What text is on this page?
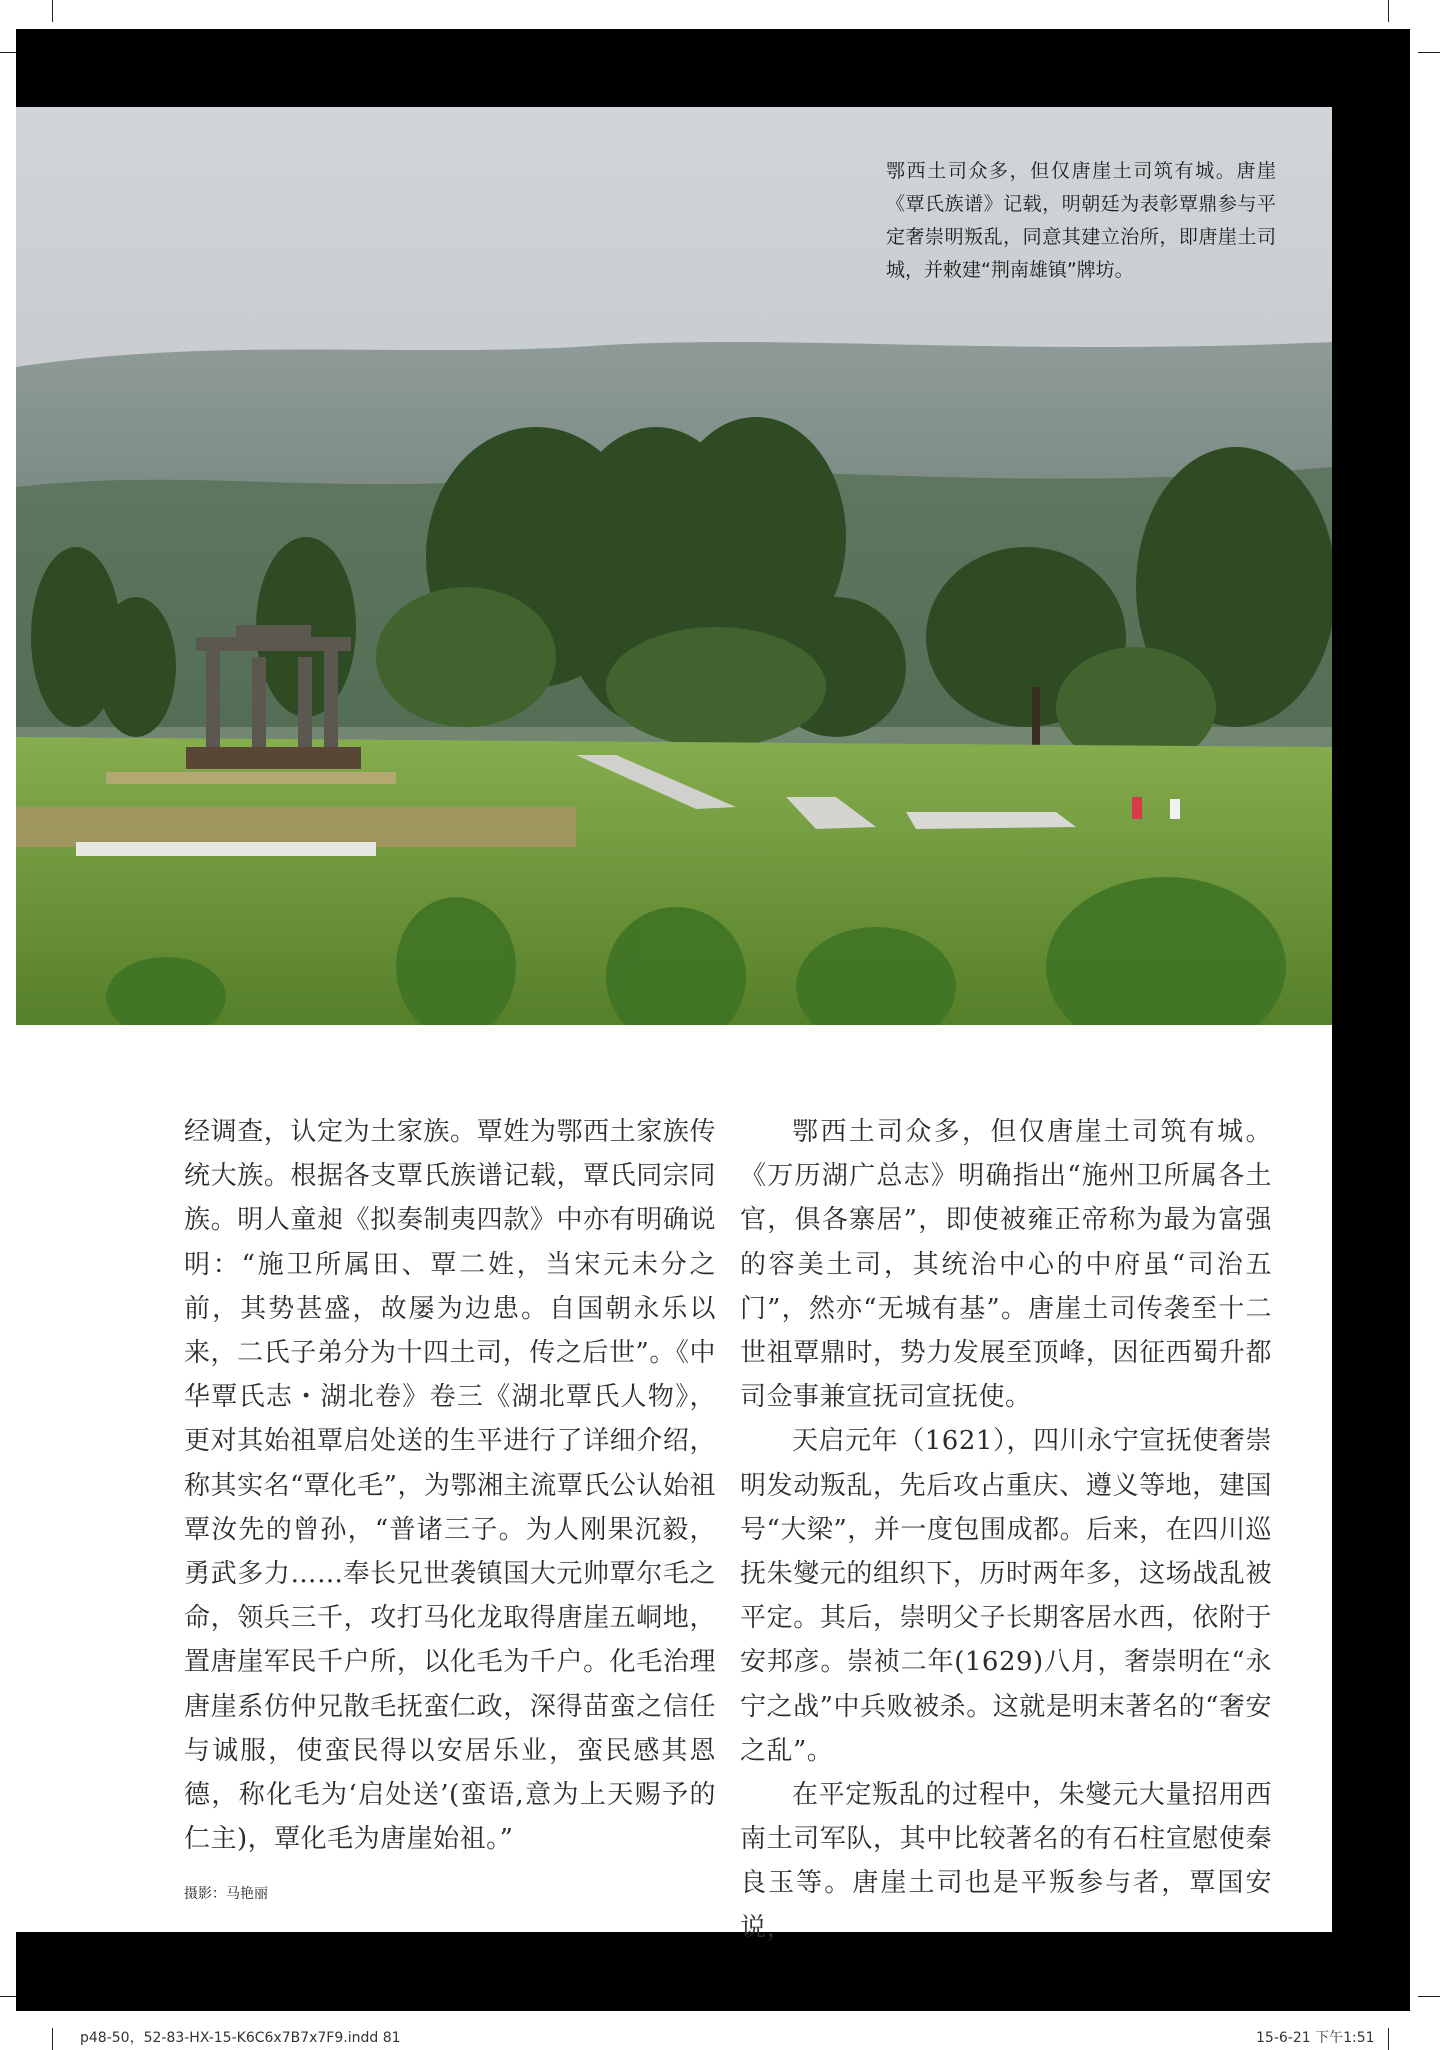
鄂西土司众多，但仅唐崖土司筑有城。唐崖《覃氏族谱》记载，明朝廷为表彰覃鼎参与平定奢崇明叛乱，同意其建立治所，即唐崖土司城，并敕建“荆南雄镇”牌坊。

经调查，认定为土家族。覃姓为鄂西土家族传统大族。根据各支覃氏族谱记载，覃氏同宗同族。明人童昶《拟奏制夷四款》中亦有明确说明：“施卫所属田、覃二姓，当宋元未分之前，其势甚盛，故屡为边患。自国朝永乐以来，二氏子弟分为十四土司，传之后世”。《中华覃氏志・湖北卷》卷三《湖北覃氏人物》，更对其始祖覃启处送的生平进行了详细介绍，称其实名“覃化毛”，为鄂湘主流覃氏公认始祖覃汝先的曾孙，“普诸三子。为人刚果沉毅，勇武多力……奉长兄世袭镇国大元帅覃尔毛之命，领兵三千，攻打马化龙取得唐崖五峒地，置唐崖军民千户所，以化毛为千户。化毛治理唐崖系仿仲兄散毛抚蛮仁政，深得苗蛮之信任与诚服，使蛮民得以安居乐业，蛮民感其恩德，称化毛为‘启处送’(蛮语,意为上天赐予的仁主)，覃化毛为唐崖始祖。”

鄂西土司众多，但仅唐崖土司筑有城。《万历湖广总志》明确指出“施州卫所属各土官，俱各寨居”，即使被雍正帝称为最为富强的容美土司，其统治中心的中府虽“司治五门”，然亦“无城有基”。唐崖土司传袭至十二世祖覃鼎时，势力发展至顶峰，因征西蜀升都司佥事兼宣抚司宣抚使。

天启元年（1621），四川永宁宣抚使奢崇明发动叛乱，先后攻占重庆、遵义等地，建国号“大梁”，并一度包围成都。后来，在四川巡抚朱燮元的组织下，历时两年多，这场战乱被平定。其后，崇明父子长期客居水西，依附于安邦彦。崇祯二年(1629)八月，奢崇明在“永宁之战”中兵败被杀。这就是明末著名的“奢安之乱”。

在平定叛乱的过程中，朱燮元大量招用西南土司军队，其中比较著名的有石柱宣慰使秦良玉等。唐崖土司也是平叛参与者，覃国安说，

摄影：马艳丽
p48-50，52-83-HX-15-K6C6x7B7x7F9.indd 81	15-6-21 下午1:51
